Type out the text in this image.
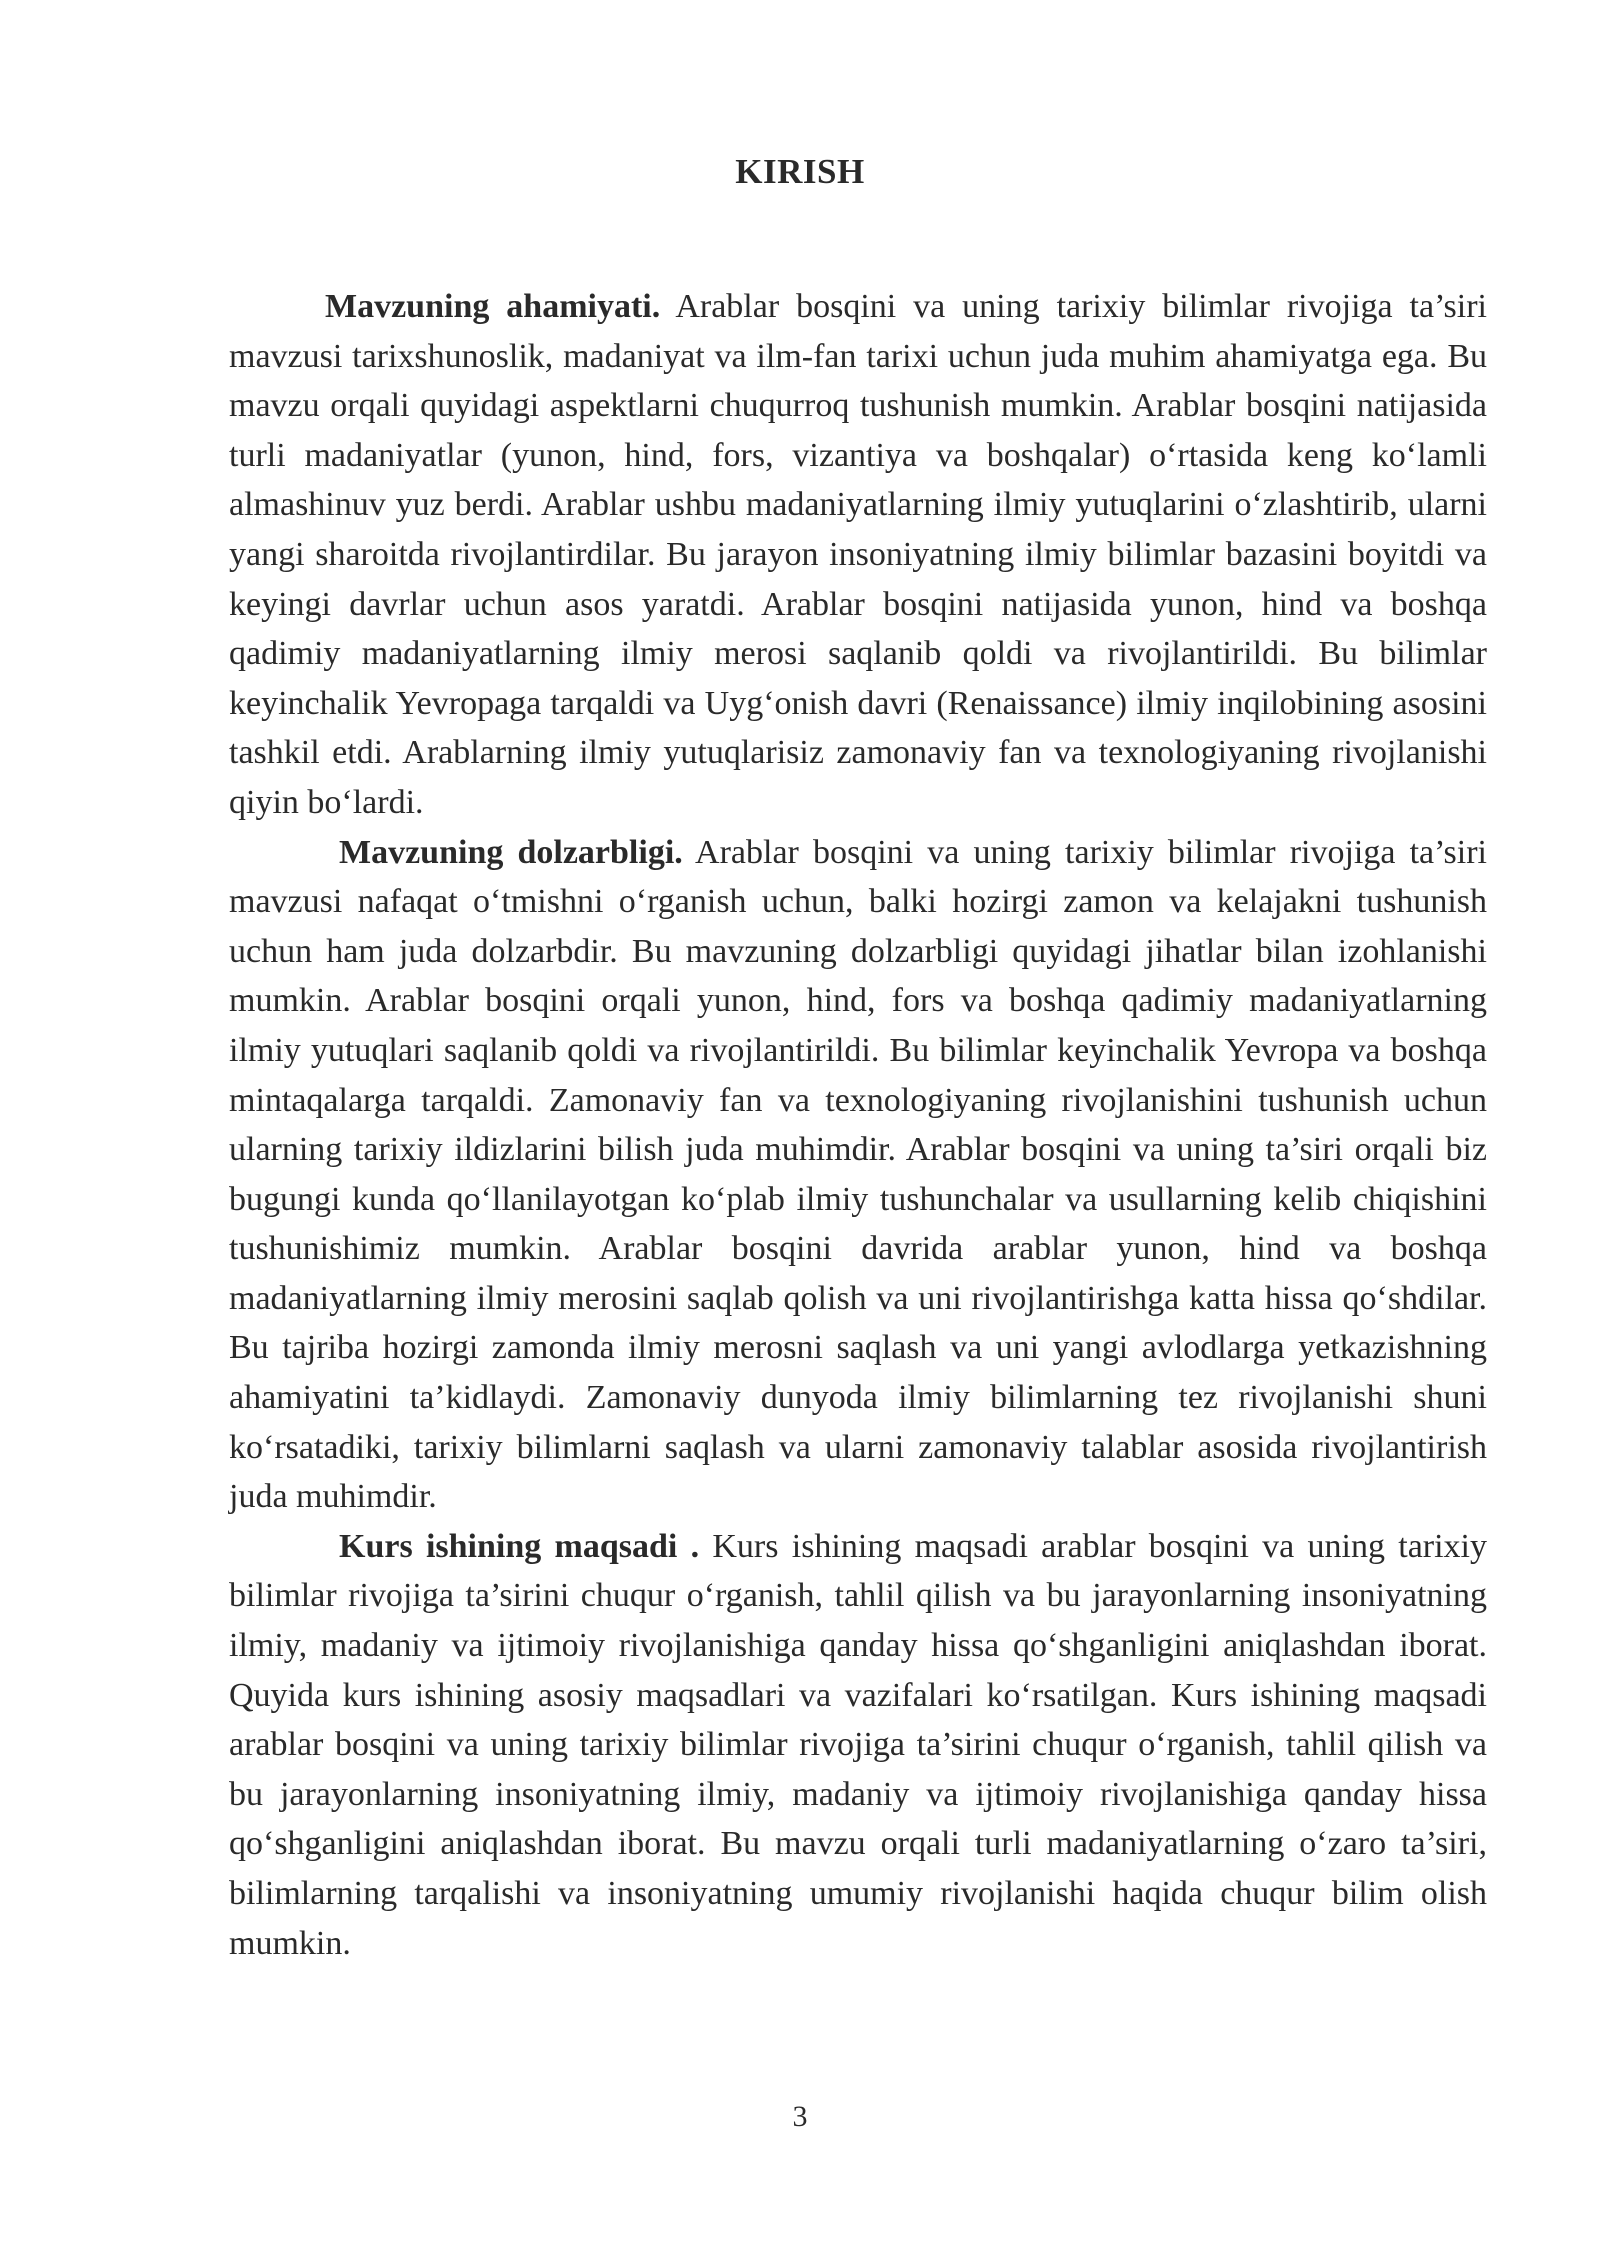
KIRISH

Mavzuning ahamiyati. Arablar bosqini va uning tarixiy bilimlar rivojiga ta’siri mavzusi tarixshunoslik, madaniyat va ilm-fan tarixi uchun juda muhim ahamiyatga ega. Bu mavzu orqali quyidagi aspektlarni chuqurroq tushunish mumkin. Arablar bosqini natijasida turli madaniyatlar (yunon, hind, fors, vizantiya va boshqalar) o‘rtasida keng ko‘lamli almashinuv yuz berdi. Arablar ushbu madaniyatlarning ilmiy yutuqlarini o‘zlashtirib, ularni yangi sharoitda rivojlantirdilar. Bu jarayon insoniyatning ilmiy bilimlar bazasini boyitdi va keyingi davrlar uchun asos yaratdi. Arablar bosqini natijasida yunon, hind va boshqa qadimiy madaniyatlarning ilmiy merosi saqlanib qoldi va rivojlantirildi. Bu bilimlar keyinchalik Yevropaga tarqaldi va Uyg‘onish davri (Renaissance) ilmiy inqilobining asosini tashkil etdi. Arablarning ilmiy yutuqlarisiz zamonaviy fan va texnologiyaning rivojlanishi qiyin bo‘lardi.

Mavzuning dolzarbligi. Arablar bosqini va uning tarixiy bilimlar rivojiga ta’siri mavzusi nafaqat o‘tmishni o‘rganish uchun, balki hozirgi zamon va kelajakni tushunish uchun ham juda dolzarbdir. Bu mavzuning dolzarbligi quyidagi jihatlar bilan izohlanishi mumkin. Arablar bosqini orqali yunon, hind, fors va boshqa qadimiy madaniyatlarning ilmiy yutuqlari saqlanib qoldi va rivojlantirildi. Bu bilimlar keyinchalik Yevropa va boshqa mintaqalarga tarqaldi. Zamonaviy fan va texnologiyaning rivojlanishini tushunish uchun ularning tarixiy ildizlarini bilish juda muhimdir. Arablar bosqini va uning ta’siri orqali biz bugungi kunda qo‘llanilayotgan ko‘plab ilmiy tushunchalar va usullarning kelib chiqishini tushunishimiz mumkin. Arablar bosqini davrida arablar yunon, hind va boshqa madaniyatlarning ilmiy merosini saqlab qolish va uni rivojlantirishga katta hissa qo‘shdilar. Bu tajriba hozirgi zamonda ilmiy merosni saqlash va uni yangi avlodlarga yetkazishning ahamiyatini ta’kidlaydi. Zamonaviy dunyoda ilmiy bilimlarning tez rivojlanishi shuni ko‘rsatadiki, tarixiy bilimlarni saqlash va ularni zamonaviy talablar asosida rivojlantirish juda muhimdir.

Kurs ishining maqsadi . Kurs ishining maqsadi arablar bosqini va uning tarixiy bilimlar rivojiga ta’sirini chuqur o‘rganish, tahlil qilish va bu jarayonlarning insoniyatning ilmiy, madaniy va ijtimoiy rivojlanishiga qanday hissa qo‘shganligini aniqlashdan iborat. Quyida kurs ishining asosiy maqsadlari va vazifalari ko‘rsatilgan. Kurs ishining maqsadi arablar bosqini va uning tarixiy bilimlar rivojiga ta’sirini chuqur o‘rganish, tahlil qilish va bu jarayonlarning insoniyatning ilmiy, madaniy va ijtimoiy rivojlanishiga qanday hissa qo‘shganligini aniqlashdan iborat. Bu mavzu orqali turli madaniyatlarning o‘zaro ta’siri, bilimlarning tarqalishi va insoniyatning umumiy rivojlanishi haqida chuqur bilim olish mumkin.

3
